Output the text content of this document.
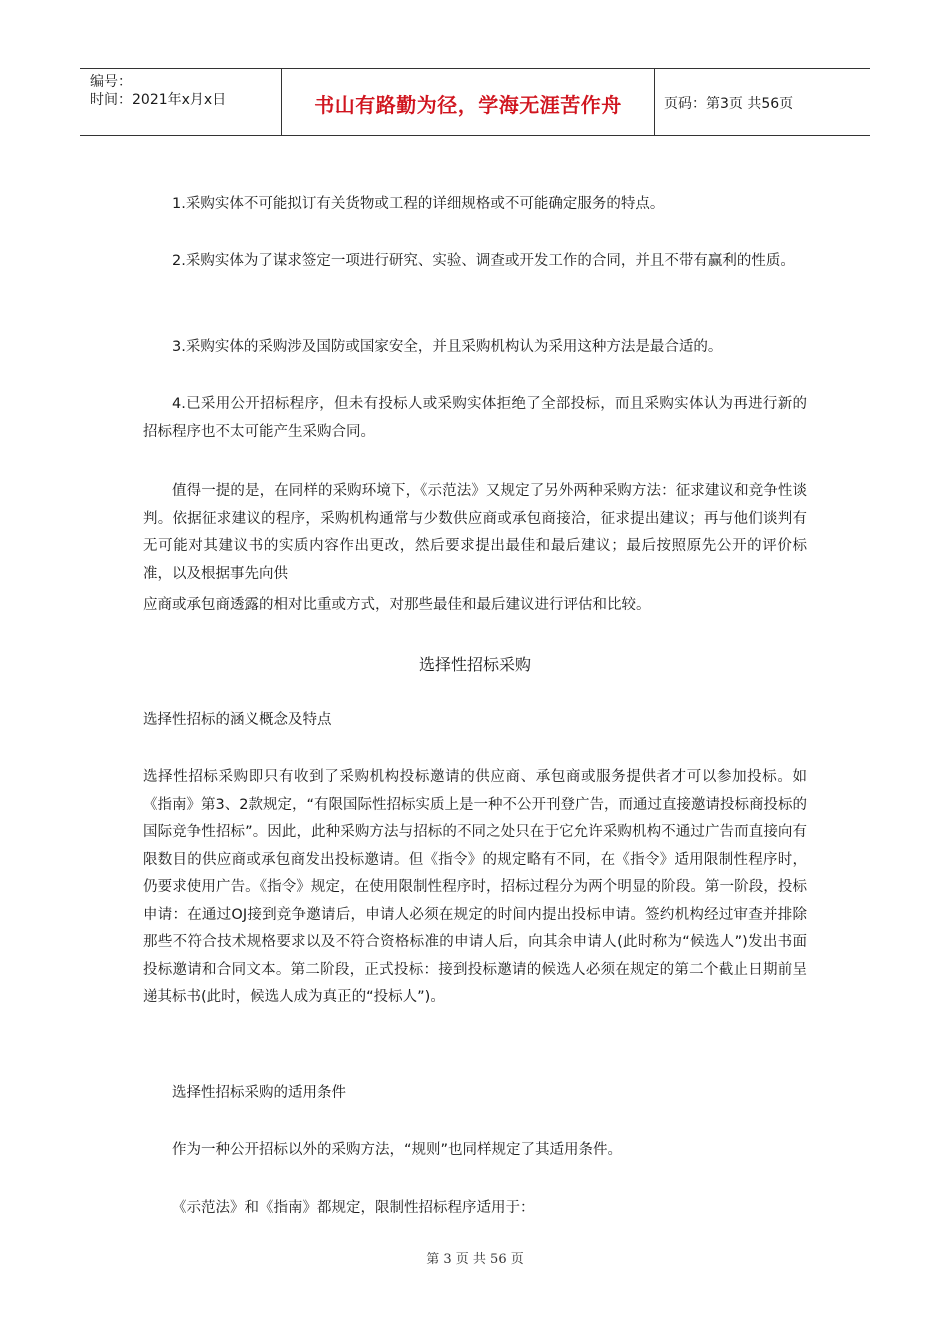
编号：
时间：2021年x月x日	书山有路勤为径，学海无涯苦作舟	页码：第3页 共56页

1.采购实体不可能拟订有关货物或工程的详细规格或不可能确定服务的特点。

2.采购实体为了谋求签定一项进行研究、实验、调查或开发工作的合同，并且不带有赢利的性质。

3.采购实体的采购涉及国防或国家安全，并且采购机构认为采用这种方法是最合适的。

4.已采用公开招标程序，但未有投标人或采购实体拒绝了全部投标，而且采购实体认为再进行新的招标程序也不太可能产生采购合同。

值得一提的是，在同样的采购环境下，《示范法》又规定了另外两种采购方法：征求建议和竞争性谈判。依据征求建议的程序，采购机构通常与少数供应商或承包商接洽，征求提出建议；再与他们谈判有无可能对其建议书的实质内容作出更改，然后要求提出最佳和最后建议；最后按照原先公开的评价标准，以及根据事先向供

应商或承包商透露的相对比重或方式，对那些最佳和最后建议进行评估和比较。

选择性招标采购

选择性招标的涵义概念及特点

选择性招标采购即只有收到了采购机构投标邀请的供应商、承包商或服务提供者才可以参加投标。如《指南》第3、2款规定，“有限国际性招标实质上是一种不公开刊登广告，而通过直接邀请投标商投标的国际竞争性招标”。因此，此种采购方法与招标的不同之处只在于它允许采购机构不通过广告而直接向有限数目的供应商或承包商发出投标邀请。但《指令》的规定略有不同，在《指令》适用限制性程序时，仍要求使用广告。《指令》规定，在使用限制性程序时，招标过程分为两个明显的阶段。第一阶段，投标申请：在通过OJ接到竞争邀请后，申请人必须在规定的时间内提出投标申请。签约机构经过审查并排除那些不符合技术规格要求以及不符合资格标准的申请人后，向其余申请人(此时称为“候选人”)发出书面投标邀请和合同文本。第二阶段，正式投标：接到投标邀请的候选人必须在规定的第二个截止日期前呈递其标书(此时，候选人成为真正的“投标人”)。

选择性招标采购的适用条件

作为一种公开招标以外的采购方法，“规则”也同样规定了其适用条件。

《示范法》和《指南》都规定，限制性招标程序适用于：

第 3 页 共 56 页
